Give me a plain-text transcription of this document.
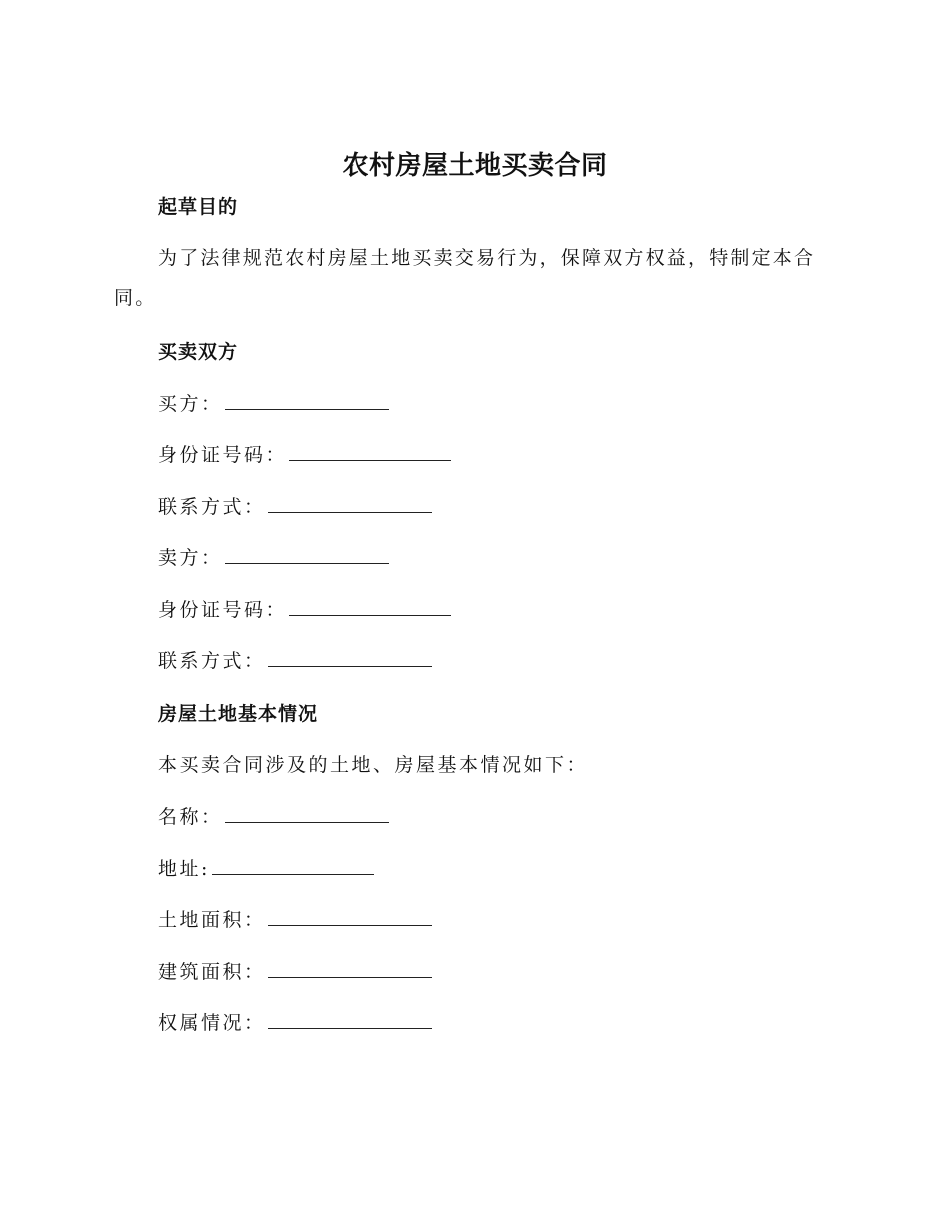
农村房屋土地买卖合同
起草目的

为了法律规范农村房屋土地买卖交易行为，保障双方权益，特制定本合同。

买卖双方
买方：
身份证号码：
联系方式：
卖方：
身份证号码：
联系方式：
房屋土地基本情况
本买卖合同涉及的土地、房屋基本情况如下：
名称：
地址:
土地面积：
建筑面积：
权属情况：
